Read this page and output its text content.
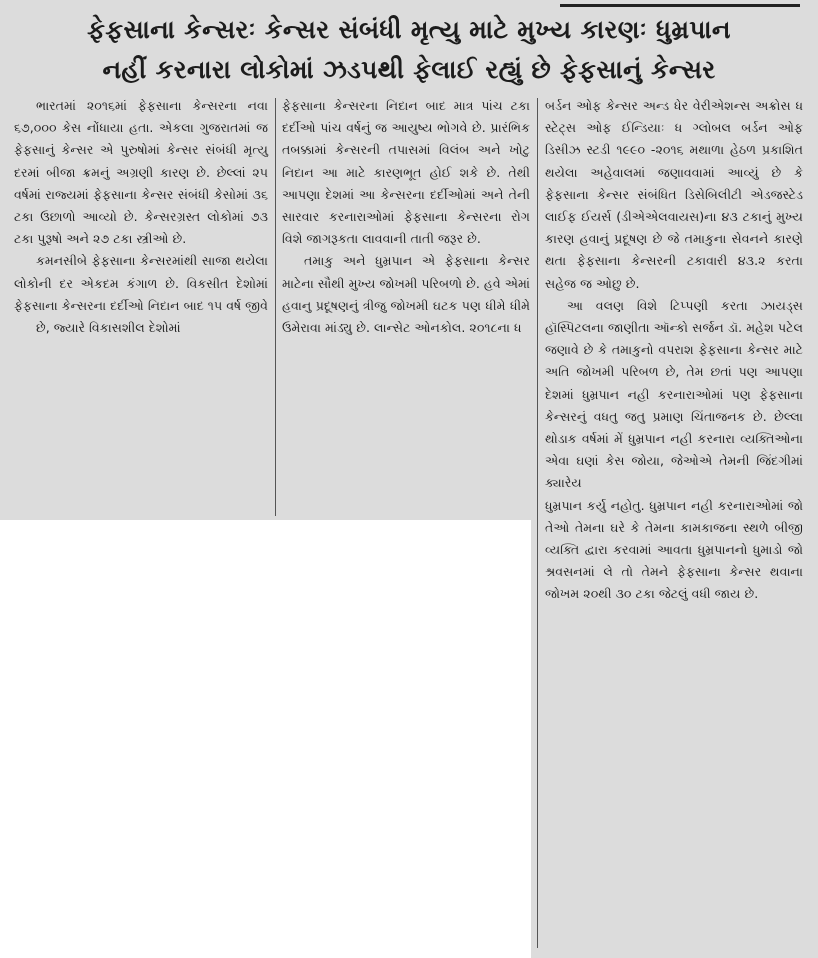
ફેફસાના કેન્સરઃ કેન્સર સંબંધી મૃત્યુ માટે મુખ્ય કારણઃ ધુમ્રપાન
નહીં કરનારા લોકોમાં ઝડપથી ફેલાઈ રહ્યું છે ફેફસાનું કેન્સર

ભારતમાં ૨૦૧૬માં ફેફસાના કેન્સરના નવા ૬૭,૦૦૦ કેસ નોંધાયા હતા. એકલા ગુજરાતમાં જ ફેફસાનું કેન્સર એ પુરુષોમાં કેન્સર સંબંધી મૃત્યુ દરમાં બીજા ક્રમનું અગ્રણી કારણ છે. છેલ્લાં ૨૫ વર્ષમાં રાજ્યમાં ફેફસાના કેન્સર સંબંધી કેસોમાં ૩૬ ટકા ઉછાળો આવ્યો છે. કેન્સરગ્રસ્ત લોકોમાં ૭૩ ટકા પુરૂષો અને ૨૭ ટકા સ્ત્રીઓ છે.

કમનસીબે ફેફસાના કેન્સરમાંથી સાજા થયેલા લોકોની દર એકદમ કંગાળ છે. વિકસીત દેશોમાં ફેફસાના કેન્સરના દર્દીઓ નિદાન બાદ ૧૫ વર્ષ જીવે

છે, જ્યારે વિકાસશીલ દેશોમાં

ફેફસાના કેન્સરના નિદાન બાદ માત્ર પાંચ ટકા દર્દીઓ પાંચ વર્ષનું જ આયુષ્ય ભોગવે છે. પ્રારંભિક તબક્કામાં કેન્સરની તપાસમાં વિલંબ અને ખોટુ નિદાન આ માટે કારણભૂત હોઈ શકે છે. તેથી આપણા દેશમાં આ કેન્સરના દર્દીઓમાં અને તેની સારવાર કરનારાઓમાં ફેફસાના કેન્સરના રોગ વિશે જાગરૂકતા લાવવાની તાતી જરૂર છે.

તમાકુ અને ધુમ્રપાન એ ફેફસાના કેન્સર માટેના સૌથી મુખ્ય જોખમી પરિબળો છે. હવે એમાં હવાનુ પ્રદૂષણનું ત્રીજુ જોખમી ઘટક પણ ધીમે ધીમે ઉમેરાવા માંડ્યુ છે. લાન્સેટ ઓનકોલ. ૨૦૧૮ના ધ

બર્ડન ઓફ કેન્સર અન્ડ ધેર વેરીએશન્સ અક્રોસ ધ સ્ટેટ્સ ઓફ ઈન્ડિયાઃ ધ ગ્લોબલ બર્ડન ઓફ ડિસીઝ સ્ટડી ૧૯૯૦ -૨૦૧૬ મથાળા હેઠળ પ્રકાશિત થયેલા અહેવાલમાં જણાવવામાં આવ્યું છે કે ફેફસાના કેન્સર સંબંધિત ડિસેબિલીટી એડજસ્ટેડ લાઈફ ઈયર્સ (ડીએએલવાયસ)ના ૪૩ ટકાનું મુખ્ય કારણ હવાનું પ્રદૂષણ છે જે તમાકુના સેવનને કારણે થતા ફેફસાના કેન્સરની ટકાવારી ૪૩.૨ કરતા સહેજ જ ઓછુ છે.

આ વલણ વિશે ટિપ્પણી કરતા ઝાયડ્સ હૉસ્પિટલના જાણીતા ઑન્કો સર્જન ડૉ. મહેશ પટેલ જણાવે છે કે તમાકુનો વપરાશ ફેફસાના કેન્સર માટે અતિ જોખમી પરિબળ છે, તેમ છતાં પણ આપણા દેશમાં ધુમ્રપાન નહી કરનારાઓમાં પણ ફેફસાના કેન્સરનું વધતુ જતુ પ્રમાણ ચિંતાજનક છે. છેલ્લા થોડાક વર્ષમાં મેં ધુમ્રપાન નહી કરનારા વ્યક્તિઓના એવા ઘણાં કેસ જોયા, જેઓએ તેમની જિંદગીમાં ક્યારેય

ધુમ્રપાન કર્યુ નહોતુ. ધુમ્રપાન નહી કરનારાઓમાં જો તેઓ તેમના ઘરે કે તેમના કામકાજના સ્થળે બીજી વ્યક્તિ દ્વારા કરવામાં આવતા ધુમ્રપાનનો ધુમાડો જો શ્રવસનમાં લે તો તેમને ફેફસાના કેન્સર થવાના જોખમ ૨૦થી ૩૦ ટકા જેટલું વધી જાય છે.
